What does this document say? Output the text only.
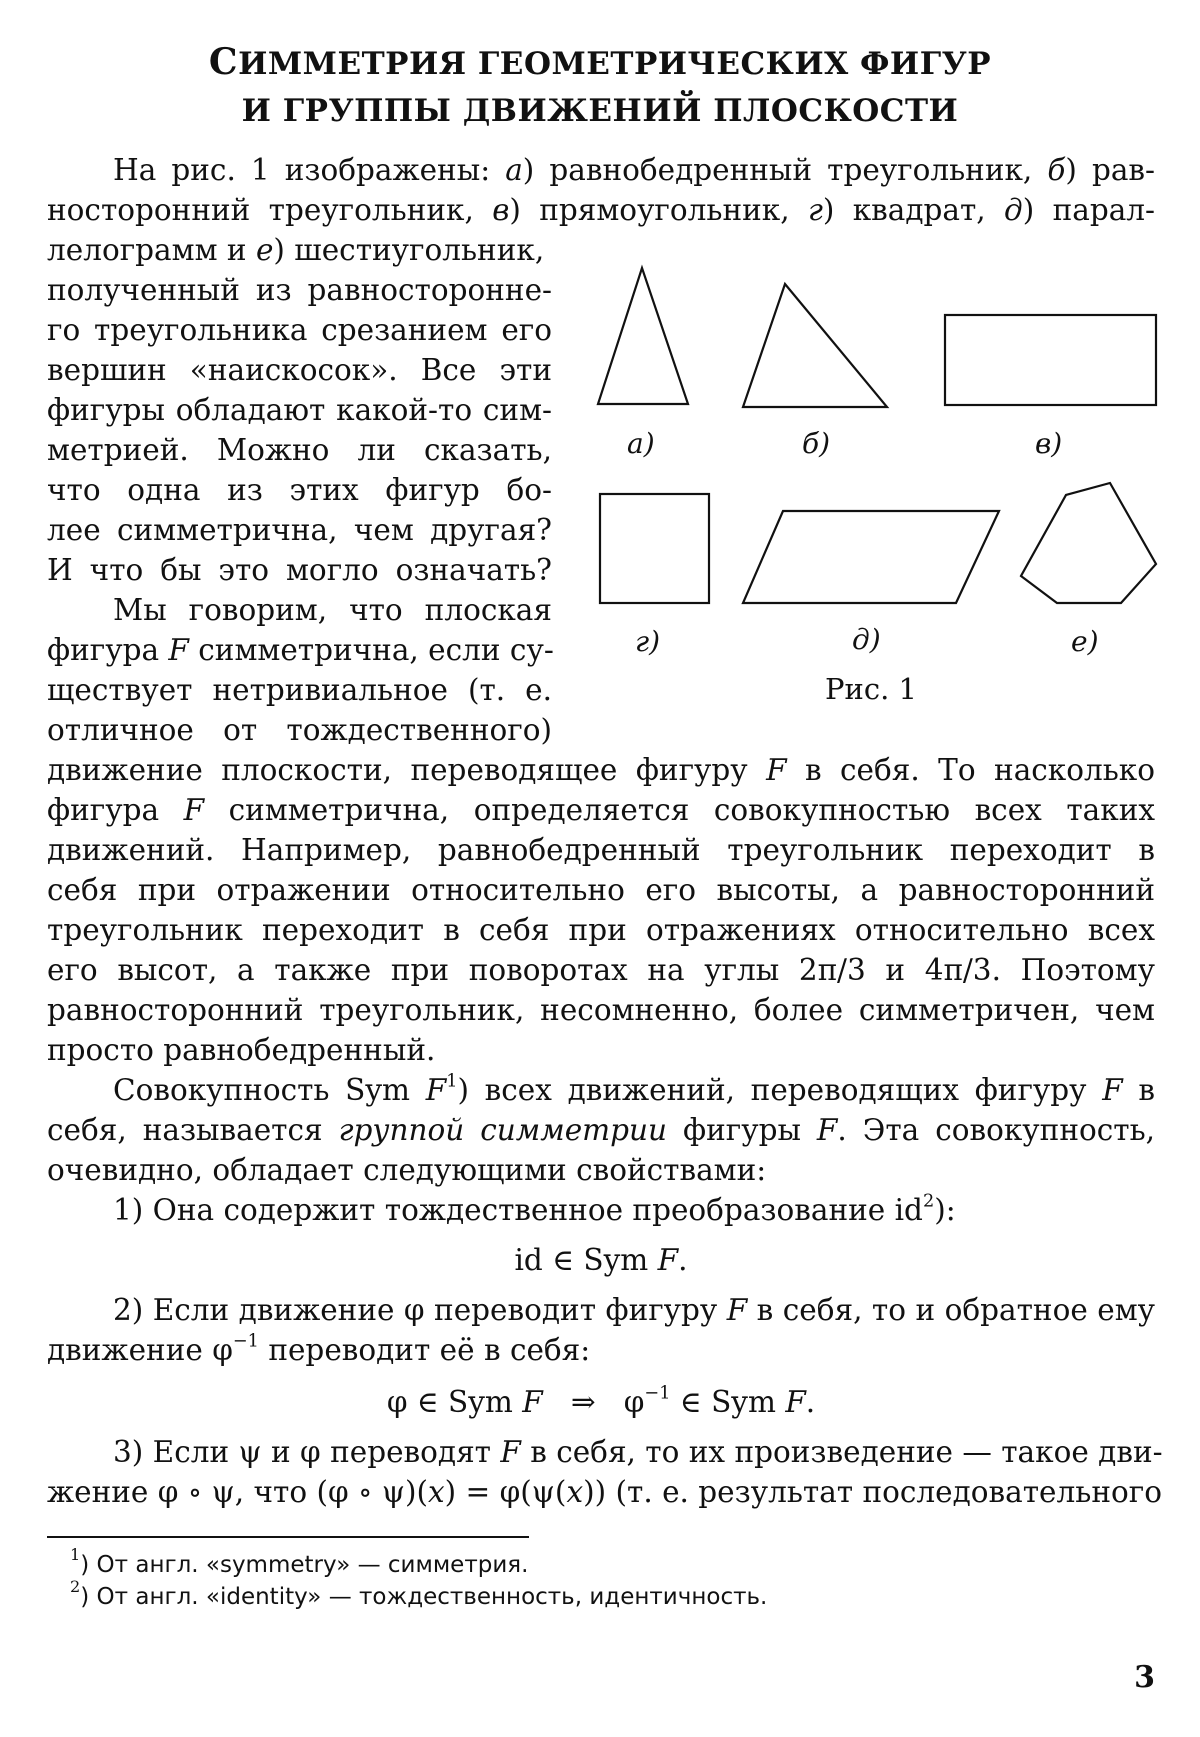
СИММЕТРИЯ ГЕОМЕТРИЧЕСКИХ ФИГУР
И ГРУППЫ ДВИЖЕНИЙ ПЛОСКОСТИ
На рис. 1 изображены: а) равнобедренный треугольник, б) рав-
носторонний треугольник, в) прямоугольник, г) квадрат, д) парал-
лелограмм и е) шестиугольник,
полученный из равносторонне-
го треугольника срезанием его
вершин «наискосок». Все эти
фигуры обладают какой-то сим-
метрией. Можно ли сказать,
что одна из этих фигур бо-
лее симметрична, чем другая?
И что бы это могло означать?
Мы говорим, что плоская
фигура F симметрична, если су-
ществует нетривиальное (т. е.
отличное от тождественного)
движение плоскости, переводящее фигуру F в себя. То насколько
фигура F симметрична, определяется совокупностью всех таких
движений. Например, равнобедренный треугольник переходит в
себя при отражении относительно его высоты, а равносторонний
треугольник переходит в себя при отражениях относительно всех
его высот, а также при поворотах на углы 2π/3 и 4π/3. Поэтому
равносторонний треугольник, несомненно, более симметричен, чем
просто равнобедренный.
Совокупность Sym F1) всех движений, переводящих фигуру F в
себя, называется группой симметрии фигуры F. Эта совокупность,
очевидно, обладает следующими свойствами:
1) Она содержит тождественное преобразование id2):
id ∈ Sym F.
2) Если движение φ переводит фигуру F в себя, то и обратное ему
движение φ−1 переводит её в себя:
φ ∈ Sym F   ⇒   φ−1 ∈ Sym F.
3) Если ψ и φ переводят F в себя, то их произведение — такое дви-
жение φ ∘ ψ, что (φ ∘ ψ)(x) = φ(ψ(x)) (т. е. результат последовательного
а)	б)	в)
г)	д)	е)
Рис. 1
1) От англ. «symmetry» — симметрия.
2) От англ. «identity» — тождественность, идентичность.
3
